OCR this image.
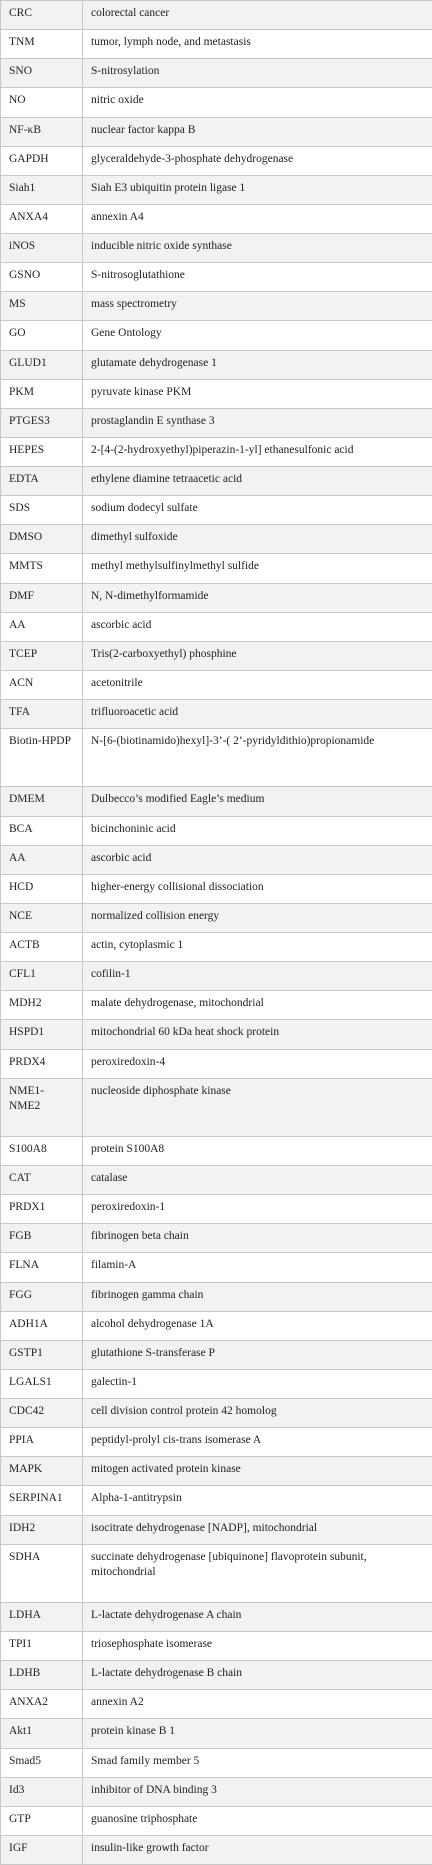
CRC	colorectal cancer
TNM	tumor, lymph node, and metastasis
SNO	S-nitrosylation
NO	nitric oxide
NF-κB	nuclear factor kappa B
GAPDH	glyceraldehyde-3-phosphate dehydrogenase
Siah1	Siah E3 ubiquitin protein ligase 1
ANXA4	annexin A4
iNOS	inducible nitric oxide synthase
GSNO	S-nitrosoglutathione
MS	mass spectrometry
GO	Gene Ontology
GLUD1	glutamate dehydrogenase 1
PKM	pyruvate kinase PKM
PTGES3	prostaglandin E synthase 3
HEPES	2-[4-(2-hydroxyethyl)piperazin-1-yl] ethanesulfonic acid
EDTA	ethylene diamine tetraacetic acid
SDS	sodium dodecyl sulfate
DMSO	dimethyl sulfoxide
MMTS	methyl methylsulfinylmethyl sulfide
DMF	N, N-dimethylformamide
AA	ascorbic acid
TCEP	Tris(2-carboxyethyl) phosphine
ACN	acetonitrile
TFA	trifluoroacetic acid
Biotin-HPDP	N-[6-(biotinamido)hexyl]-3’-( 2’-pyridyldithio)propionamide
DMEM	Dulbecco’s modified Eagle’s medium
BCA	bicinchoninic acid
AA	ascorbic acid
HCD	higher-energy collisional dissociation
NCE	normalized collision energy
ACTB	actin, cytoplasmic 1
CFL1	cofilin-1
MDH2	malate dehydrogenase, mitochondrial
HSPD1	mitochondrial 60 kDa heat shock protein
PRDX4	peroxiredoxin-4
NME1-NME2	nucleoside diphosphate kinase
S100A8	protein S100A8
CAT	catalase
PRDX1	peroxiredoxin-1
FGB	fibrinogen beta chain
FLNA	filamin-A
FGG	fibrinogen gamma chain
ADH1A	alcohol dehydrogenase 1A
GSTP1	glutathione S-transferase P
LGALS1	galectin-1
CDC42	cell division control protein 42 homolog
PPIA	peptidyl-prolyl cis-trans isomerase A
MAPK	mitogen activated protein kinase
SERPINA1	Alpha-1-antitrypsin
IDH2	isocitrate dehydrogenase [NADP], mitochondrial
SDHA	succinate dehydrogenase [ubiquinone] flavoprotein subunit, mitochondrial
LDHA	L-lactate dehydrogenase A chain
TPI1	triosephosphate isomerase
LDHB	L-lactate dehydrogenase B chain
ANXA2	annexin A2
Akt1	protein kinase B 1
Smad5	Smad family member 5
Id3	inhibitor of DNA binding 3
GTP	guanosine triphosphate
IGF	insulin-like growth factor
